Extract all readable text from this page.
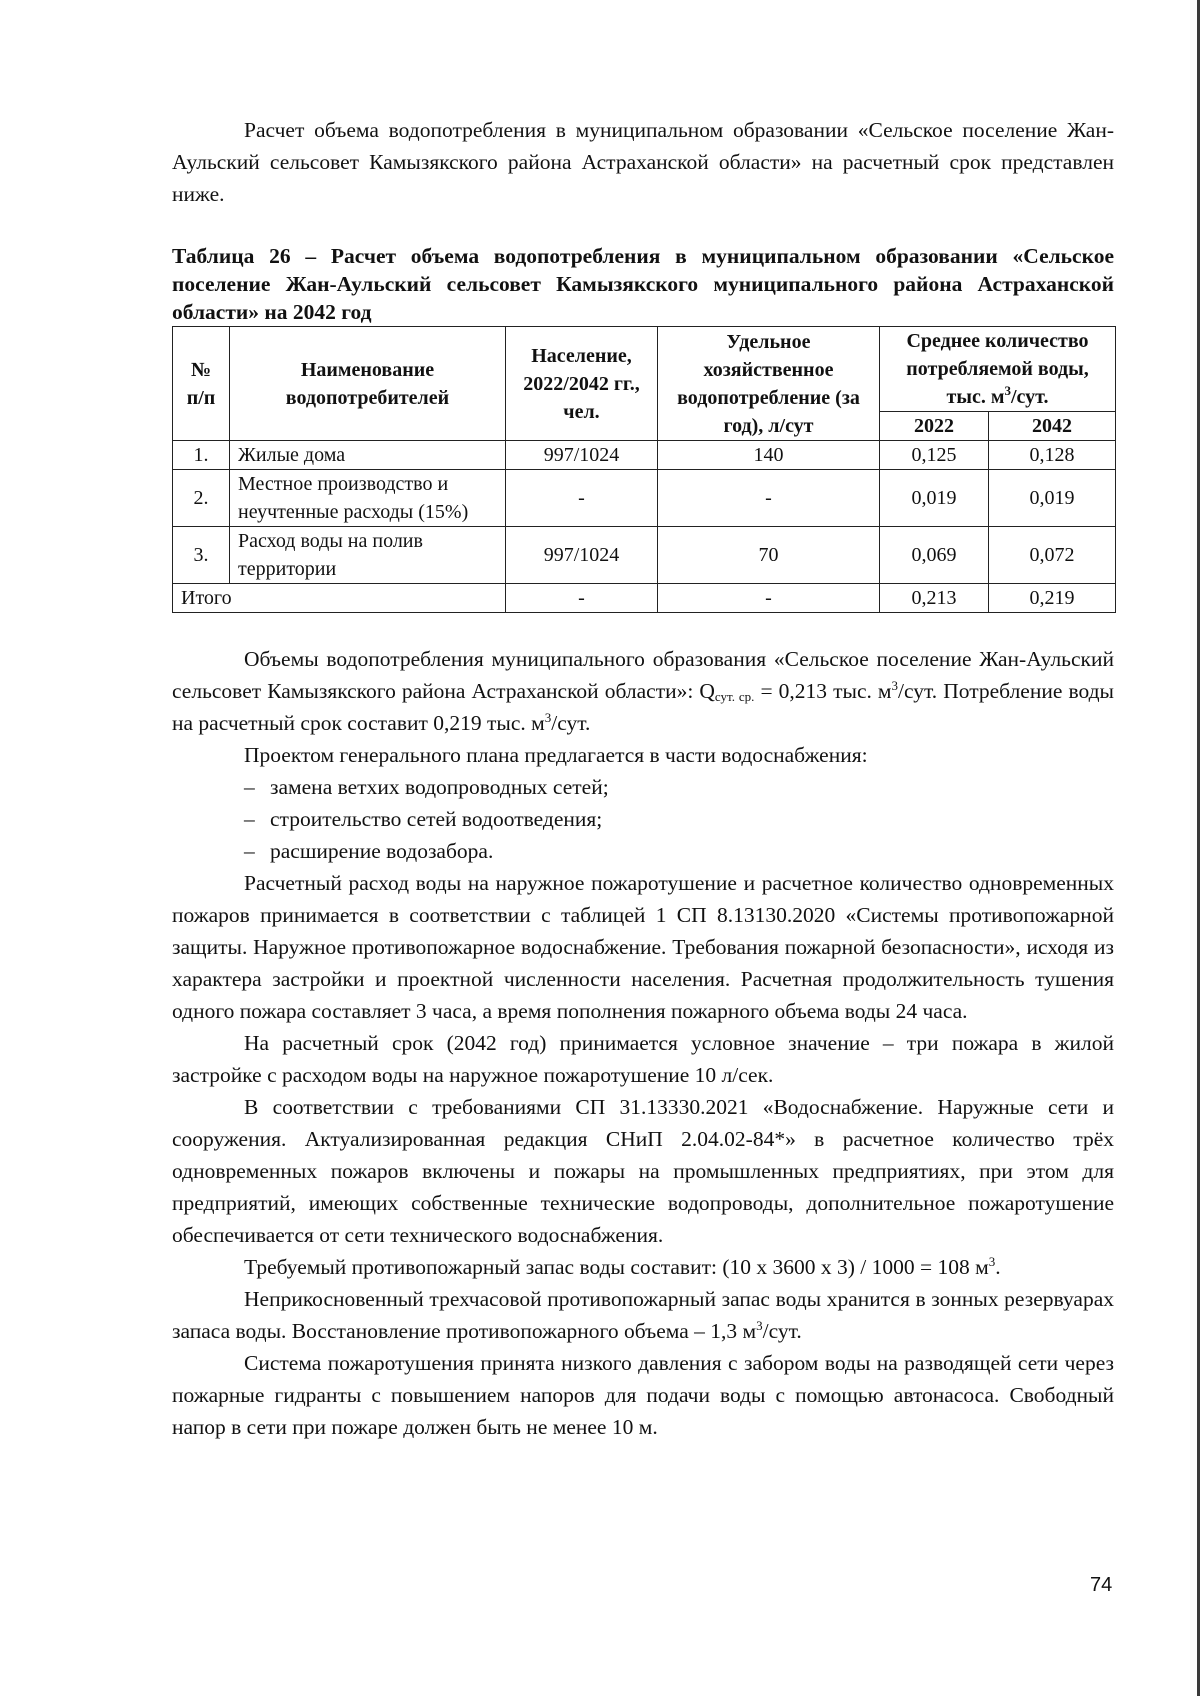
Расчет объема водопотребления в муниципальном образовании «Сельское поселение Жан-Аульский сельсовет Камызякского района Астраханской области» на расчетный срок представлен ниже.

Таблица 26 – Расчет объема водопотребления в муниципальном образовании «Сельское поселение Жан-Аульский сельсовет Камызякского муниципального района Астраханской области» на 2042 год

№ п/п	Наименование водопотребителей	Население, 2022/2042 гг., чел.	Удельное хозяйственное водопотребление (за год), л/сут	Среднее количество потребляемой воды, тыс. $м^3$/сут.	
				2022	2042
1.	Жилые дома	997/1024	140	0,125	0,128
2.	Местное производство и неучтенные расходы (15%)	-	-	0,019	0,019
3.	Расход воды на полив территории	997/1024	70	0,069	0,072
Итого		-	-	0,213	0,219

Объемы водопотребления муниципального образования «Сельское поселение Жан-Аульский сельсовет Камызякского района Астраханской области»: $Q_{сут. ср.} = 0,213$ тыс. $м^3$/сут. Потребление воды на расчетный срок составит 0,219 тыс. $м^3$/сут.

Проектом генерального плана предлагается в части водоснабжения:

– замена ветхих водопроводных сетей;
– строительство сетей водоотведения;
– расширение водозабора.

Расчетный расход воды на наружное пожаротушение и расчетное количество одновременных пожаров принимается в соответствии с таблицей 1 СП 8.13130.2020 «Системы противопожарной защиты. Наружное противопожарное водоснабжение. Требования пожарной безопасности», исходя из характера застройки и проектной численности населения. Расчетная продолжительность тушения одного пожара составляет 3 часа, а время пополнения пожарного объема воды 24 часа.

На расчетный срок (2042 год) принимается условное значение – три пожара в жилой застройке с расходом воды на наружное пожаротушение 10 л/сек.

В соответствии с требованиями СП 31.13330.2021 «Водоснабжение. Наружные сети и сооружения. Актуализированная редакция СНиП 2.04.02-84*» в расчетное количество трёх одновременных пожаров включены и пожары на промышленных предприятиях, при этом для предприятий, имеющих собственные технические водопроводы, дополнительное пожаротушение обеспечивается от сети технического водоснабжения.

Требуемый противопожарный запас воды составит: (10 х 3600 х 3) / 1000 = 108 $м^3$.

Неприкосновенный трехчасовой противопожарный запас воды хранится в зонных резервуарах запаса воды. Восстановление противопожарного объема – 1,3 $м^3$/сут.

Система пожаротушения принята низкого давления с забором воды на разводящей сети через пожарные гидранты с повышением напоров для подачи воды с помощью автонасоса. Свободный напор в сети при пожаре должен быть не менее 10 м.

74
